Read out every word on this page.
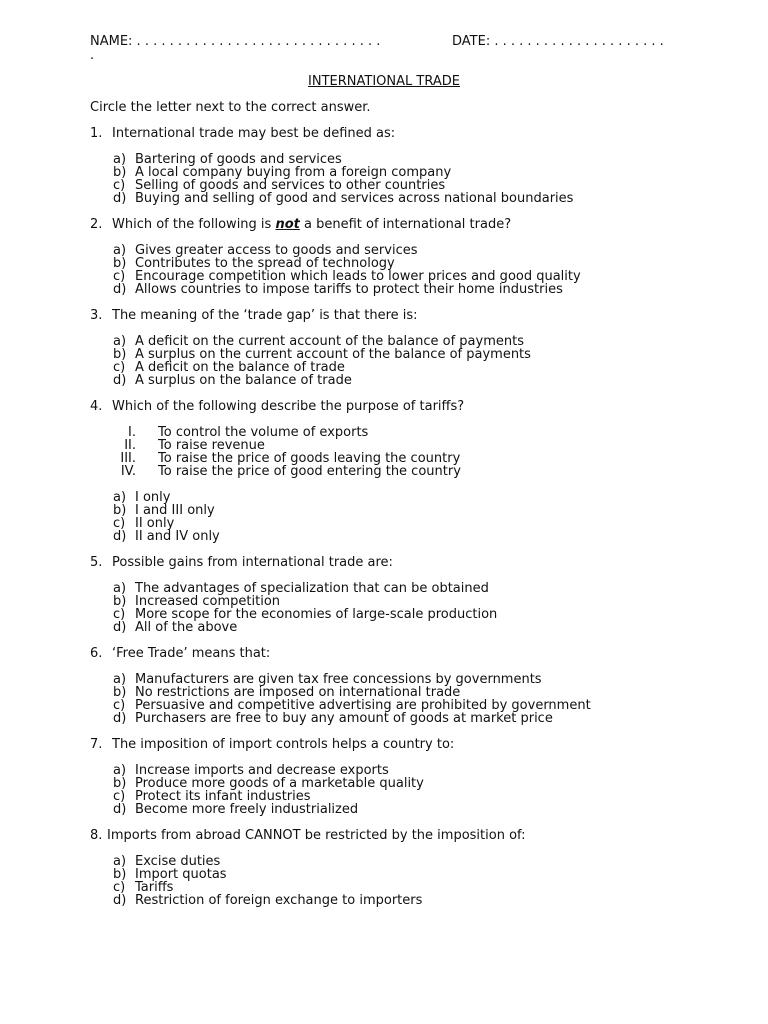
NAME: . . . . . . . . . . . . . . . . . . . . . . . . . . . . . .	DATE: . . . . . . . . . . . . . . . . . . . . .
.
INTERNATIONAL TRADE
Circle the letter next to the correct answer.
1. International trade may best be defined as:
a) Bartering of goods and services
b) A local company buying from a foreign company
c) Selling of goods and services to other countries
d) Buying and selling of good and services across national boundaries
2. Which of the following is not a benefit of international trade?
a) Gives greater access to goods and services
b) Contributes to the spread of technology
c) Encourage competition which leads to lower prices and good quality
d) Allows countries to impose tariffs to protect their home industries
3. The meaning of the ‘trade gap’ is that there is:
a) A deficit on the current account of the balance of payments
b) A surplus on the current account of the balance of payments
c) A deficit on the balance of trade
d) A surplus on the balance of trade
4. Which of the following describe the purpose of tariffs?
I. To control the volume of exports
II. To raise revenue
III. To raise the price of goods leaving the country
IV. To raise the price of good entering the country
a) I only
b) I and III only
c) II only
d) II and IV only
5. Possible gains from international trade are:
a) The advantages of specialization that can be obtained
b) Increased competition
c) More scope for the economies of large-scale production
d) All of the above
6. ‘Free Trade’ means that:
a) Manufacturers are given tax free concessions by governments
b) No restrictions are imposed on international trade
c) Persuasive and competitive advertising are prohibited by government
d) Purchasers are free to buy any amount of goods at market price
7. The imposition of import controls helps a country to:
a) Increase imports and decrease exports
b) Produce more goods of a marketable quality
c) Protect its infant industries
d) Become more freely industrialized
8. Imports from abroad CANNOT be restricted by the imposition of:
a) Excise duties
b) Import quotas
c) Tariffs
d) Restriction of foreign exchange to importers
